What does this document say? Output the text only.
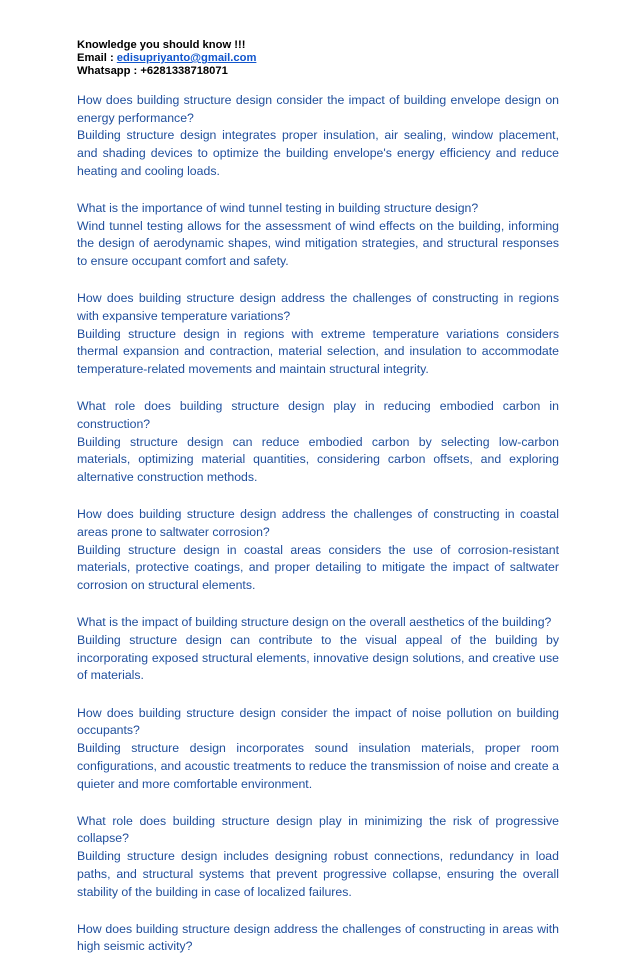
Knowledge you should know !!!
Email : edisupriyanto@gmail.com
Whatsapp : +6281338718071

How does building structure design consider the impact of building envelope design on energy performance?

Building structure design integrates proper insulation, air sealing, window placement, and shading devices to optimize the building envelope's energy efficiency and reduce heating and cooling loads.

What is the importance of wind tunnel testing in building structure design?

Wind tunnel testing allows for the assessment of wind effects on the building, informing the design of aerodynamic shapes, wind mitigation strategies, and structural responses to ensure occupant comfort and safety.

How does building structure design address the challenges of constructing in regions with expansive temperature variations?

Building structure design in regions with extreme temperature variations considers thermal expansion and contraction, material selection, and insulation to accommodate temperature-related movements and maintain structural integrity.

What role does building structure design play in reducing embodied carbon in construction?

Building structure design can reduce embodied carbon by selecting low-carbon materials, optimizing material quantities, considering carbon offsets, and exploring alternative construction methods.

How does building structure design address the challenges of constructing in coastal areas prone to saltwater corrosion?

Building structure design in coastal areas considers the use of corrosion-resistant materials, protective coatings, and proper detailing to mitigate the impact of saltwater corrosion on structural elements.

What is the impact of building structure design on the overall aesthetics of the building?

Building structure design can contribute to the visual appeal of the building by incorporating exposed structural elements, innovative design solutions, and creative use of materials.

How does building structure design consider the impact of noise pollution on building occupants?

Building structure design incorporates sound insulation materials, proper room configurations, and acoustic treatments to reduce the transmission of noise and create a quieter and more comfortable environment.

What role does building structure design play in minimizing the risk of progressive collapse?

Building structure design includes designing robust connections, redundancy in load paths, and structural systems that prevent progressive collapse, ensuring the overall stability of the building in case of localized failures.

How does building structure design address the challenges of constructing in areas with high seismic activity?
